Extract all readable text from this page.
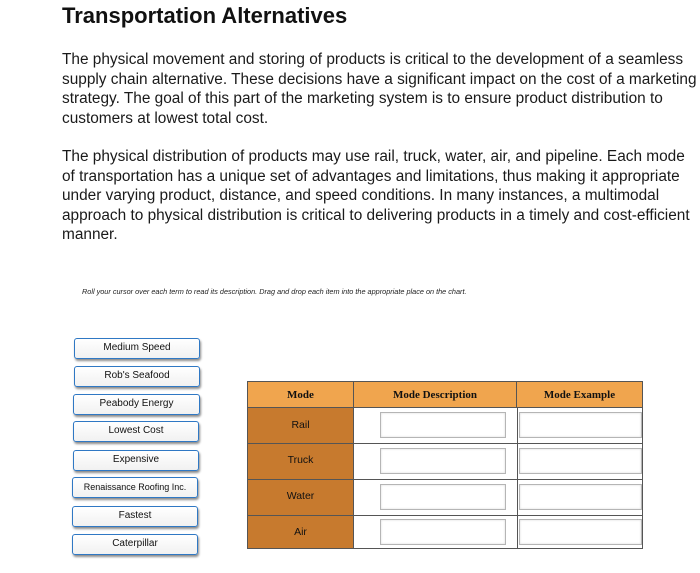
Transportation Alternatives
The physical movement and storing of products is critical to the development of a seamless supply chain alternative. These decisions have a significant impact on the cost of a marketing strategy. The goal of this part of the marketing system is to ensure product distribution to customers at lowest total cost.
The physical distribution of products may use rail, truck, water, air, and pipeline. Each mode of transportation has a unique set of advantages and limitations, thus making it appropriate under varying product, distance, and speed conditions. In many instances, a multimodal approach to physical distribution is critical to delivering products in a timely and cost-efficient manner.
Roll your cursor over each term to read its description. Drag and drop each item into the appropriate place on the chart.
Medium Speed
Rob's Seafood
Peabody Energy
Lowest Cost
Expensive
Renaissance Roofing Inc.
Fastest
Caterpillar
Mode	Mode Description	Mode Example
Rail
Truck
Water
Air
